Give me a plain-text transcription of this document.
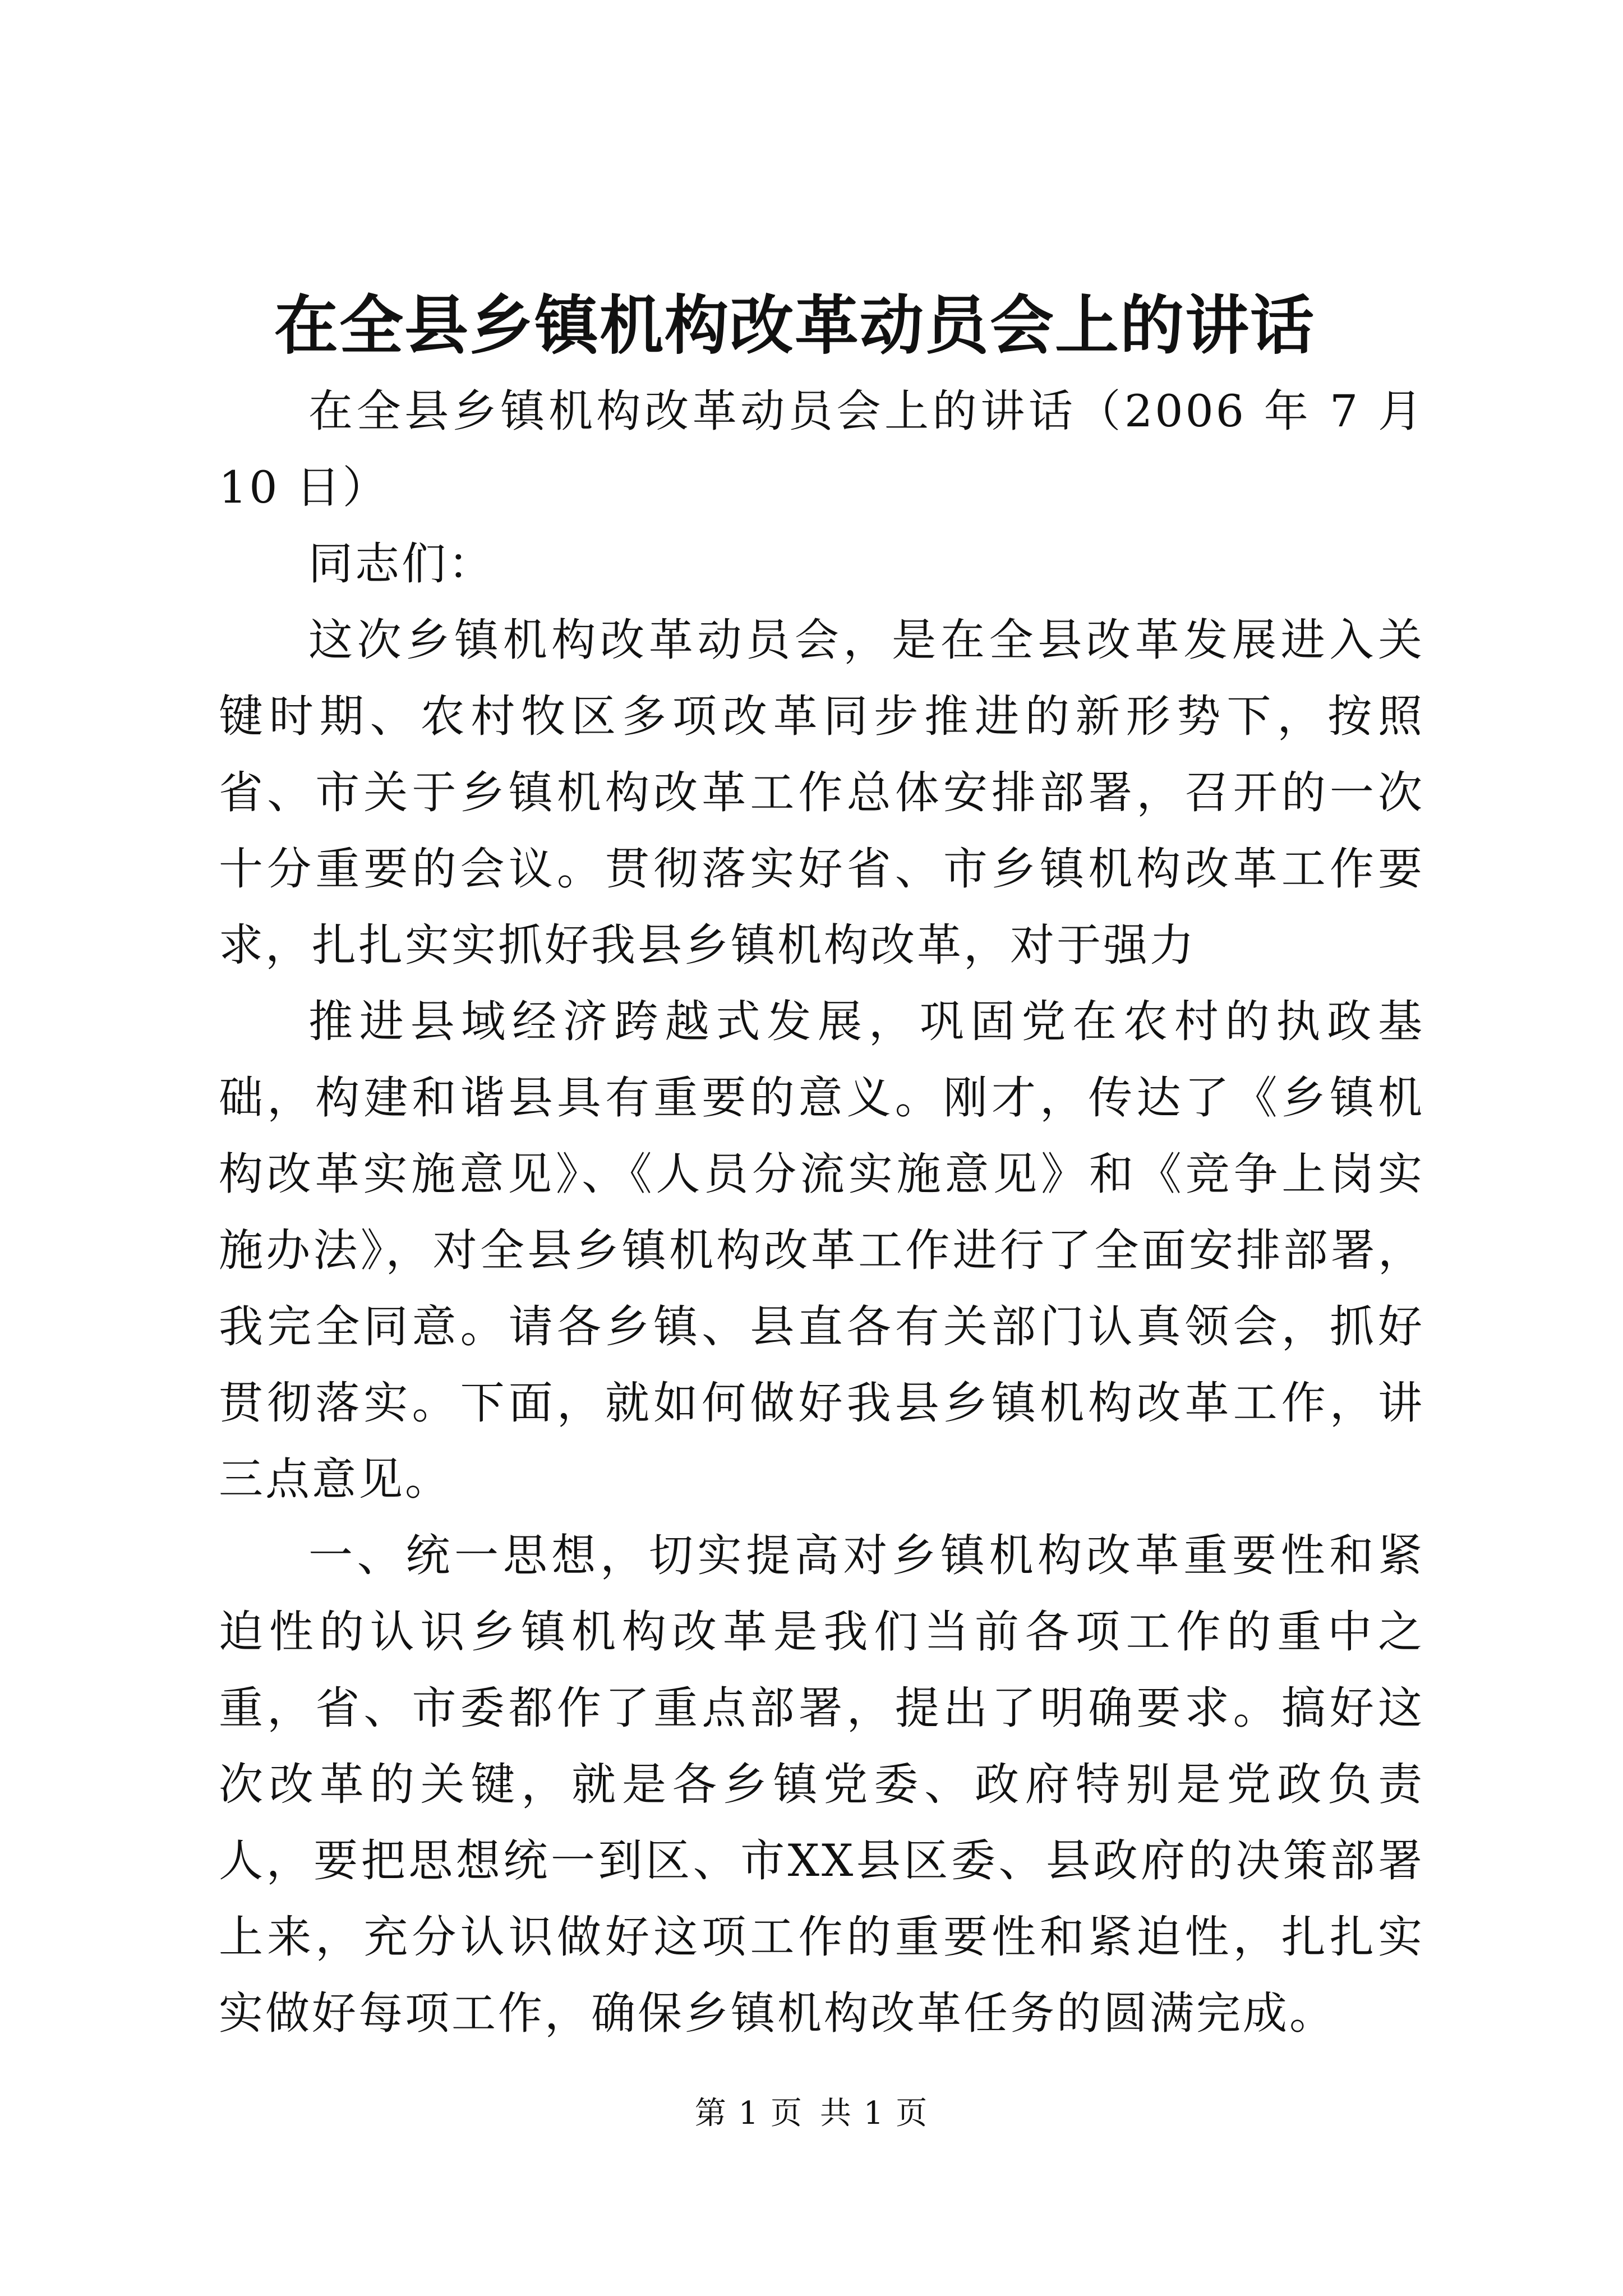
在全县乡镇机构改革动员会上的讲话

在全县乡镇机构改革动员会上的讲话（2006 年 7 月 10 日）

同志们：

这次乡镇机构改革动员会，是在全县改革发展进入关键时期、农村牧区多项改革同步推进的新形势下，按照省、市关于乡镇机构改革工作总体安排部署，召开的一次十分重要的会议。贯彻落实好省、市乡镇机构改革工作要求，扎扎实实抓好我县乡镇机构改革，对于强力

推进县域经济跨越式发展，巩固党在农村的执政基础，构建和谐县具有重要的意义。刚才，传达了《乡镇机构改革实施意见》、《人员分流实施意见》和《竞争上岗实施办法》，对全县乡镇机构改革工作进行了全面安排部署，我完全同意。请各乡镇、县直各有关部门认真领会，抓好贯彻落实。下面，就如何做好我县乡镇机构改革工作，讲三点意见。

一、统一思想，切实提高对乡镇机构改革重要性和紧迫性的认识乡镇机构改革是我们当前各项工作的重中之重，省、市委都作了重点部署，提出了明确要求。搞好这次改革的关键，就是各乡镇党委、政府特别是党政负责人，要把思想统一到区、市XX县区委、县政府的决策部署上来，充分认识做好这项工作的重要性和紧迫性，扎扎实实做好每项工作，确保乡镇机构改革任务的圆满完成。

第 1 页 共 1 页
